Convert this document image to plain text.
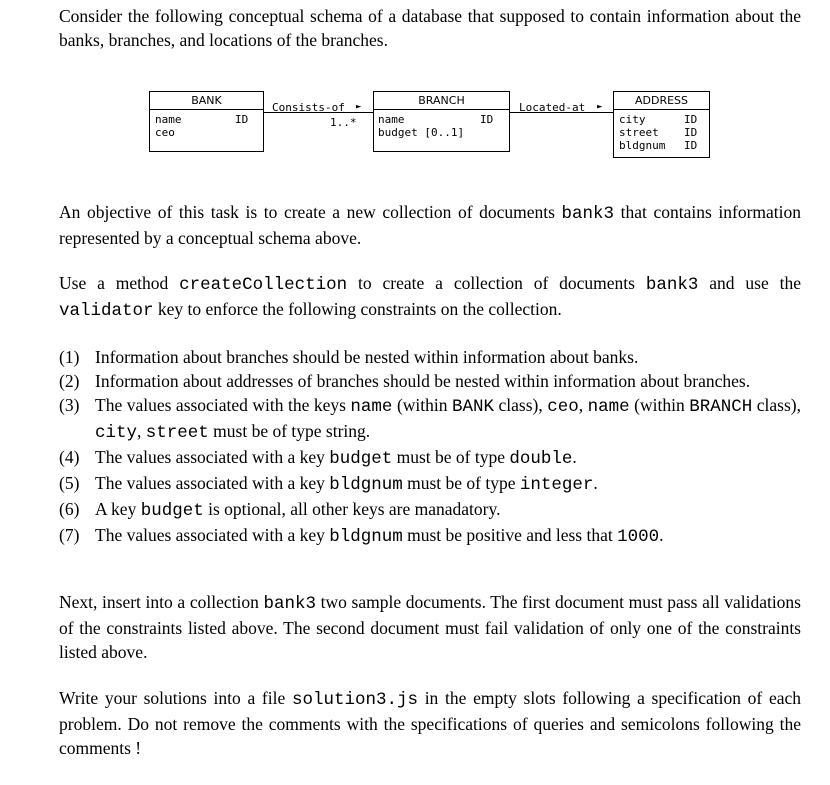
Consider the following conceptual schema of a database that supposed to contain information about the banks, branches, and locations of the branches.

BANK
name
ceo
ID
Consists-of ►
1..*
BRANCH
name
budget [0..1]
ID
Located-at ►	ADDRESS
city
street
bldgnum
ID
ID
ID

An objective of this task is to create a new collection of documents bank3 that contains information represented by a conceptual schema above.

Use a method createCollection to create a collection of documents bank3 and use the validator key to enforce the following constraints on the collection.

(1) Information about branches should be nested within information about banks.
(2) Information about addresses of branches should be nested within information about branches.
(3) The values associated with the keys name (within BANK class), ceo, name (within BRANCH class), city, street must be of type string.
(4) The values associated with a key budget must be of type double.
(5) The values associated with a key bldgnum must be of type integer.
(6) A key budget is optional, all other keys are manadatory.
(7) The values associated with a key bldgnum must be positive and less that 1000.

Next, insert into a collection bank3 two sample documents. The first document must pass all validations of the constraints listed above. The second document must fail validation of only one of the constraints listed above.

Write your solutions into a file solution3.js in the empty slots following a specification of each problem. Do not remove the comments with the specifications of queries and semicolons following the comments !
